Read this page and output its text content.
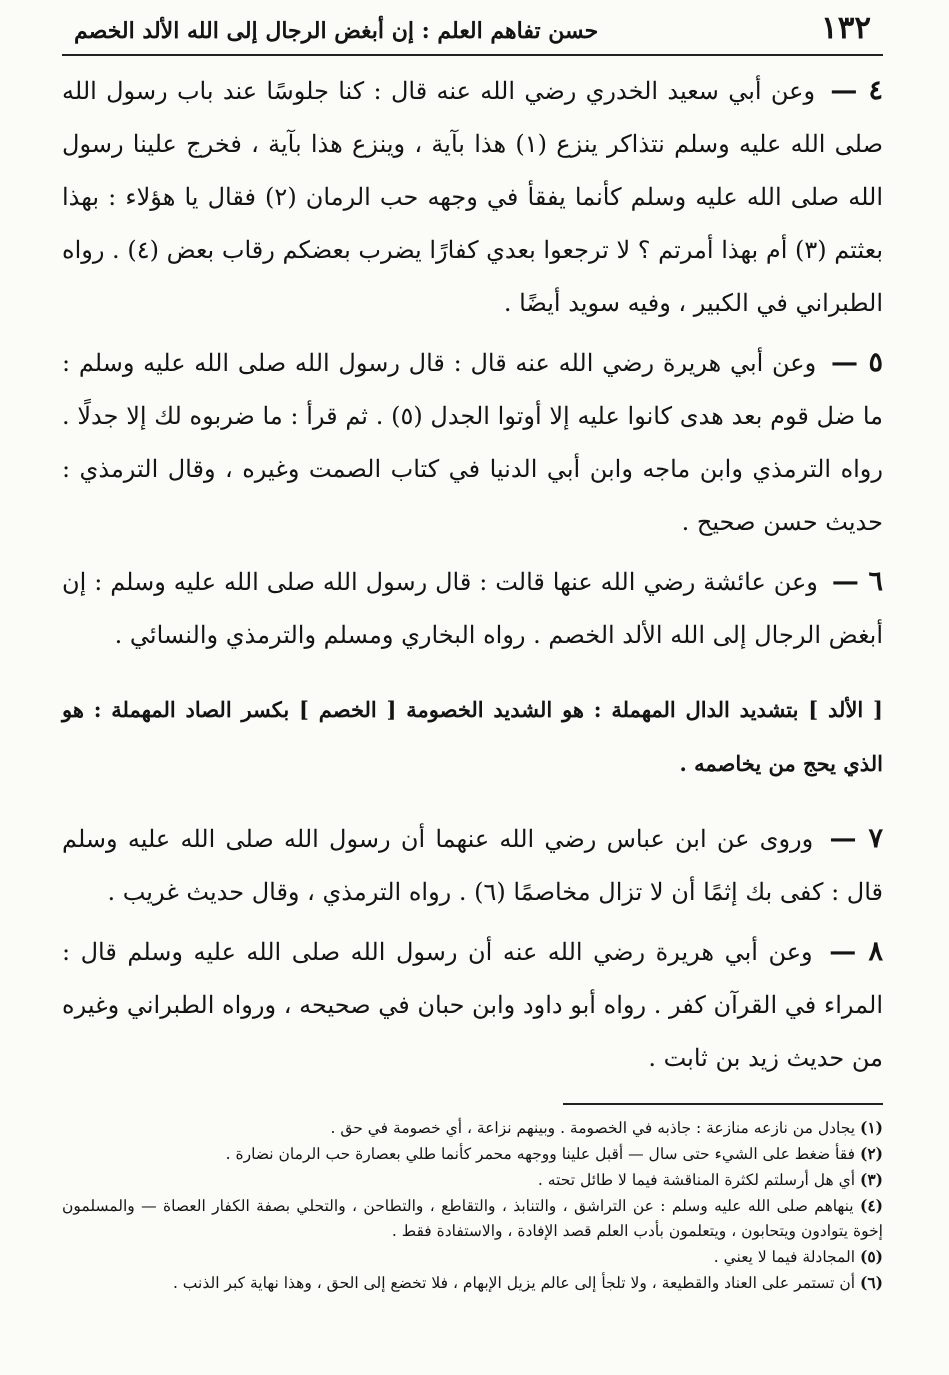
١٣٢
حسن تفاهم العلم : إن أبغض الرجال إلى الله الألد الخصم

٤ — وعن أبي سعيد الخدري رضي الله عنه قال : كنا جلوسًا عند باب رسول الله صلى الله عليه وسلم نتذاكر ينزع (١) هذا بآية ، وينزع هذا بآية ، فخرج علينا رسول الله صلى الله عليه وسلم كأنما يفقأ في وجهه حب الرمان (٢) فقال يا هؤلاء : بهذا بعثتم (٣) أم بهذا أمرتم ؟ لا ترجعوا بعدي كفارًا يضرب بعضكم رقاب بعض (٤) . رواه الطبراني في الكبير ، وفيه سويد أيضًا .

٥ — وعن أبي هريرة رضي الله عنه قال : قال رسول الله صلى الله عليه وسلم : ما ضل قوم بعد هدى كانوا عليه إلا أوتوا الجدل (٥) . ثم قرأ : ما ضربوه لك إلا جدلًا . رواه الترمذي وابن ماجه وابن أبي الدنيا في كتاب الصمت وغيره ، وقال الترمذي : حديث حسن صحيح .

٦ — وعن عائشة رضي الله عنها قالت : قال رسول الله صلى الله عليه وسلم : إن أبغض الرجال إلى الله الألد الخصم . رواه البخاري ومسلم والترمذي والنسائي .

[ الألد ] بتشديد الدال المهملة : هو الشديد الخصومة [ الخصم ] بكسر الصاد المهملة : هو الذي يحج من يخاصمه .

٧ — وروى عن ابن عباس رضي الله عنهما أن رسول الله صلى الله عليه وسلم قال : كفى بك إثمًا أن لا تزال مخاصمًا (٦) . رواه الترمذي ، وقال حديث غريب .

٨ — وعن أبي هريرة رضي الله عنه أن رسول الله صلى الله عليه وسلم قال : المراء في القرآن كفر . رواه أبو داود وابن حبان في صحيحه ، ورواه الطبراني وغيره من حديث زيد بن ثابت .

(١) يجادل من نازعه منازعة : جاذبه في الخصومة . وبينهم نزاعة ، أي خصومة في حق .

(٢) فقأ ضغط على الشيء حتى سال — أقبل علينا ووجهه محمر كأنما طلي بعصارة حب الرمان نضارة .

(٣) أي هل أرسلتم لكثرة المناقشة فيما لا طائل تحته .

(٤) ينهاهم صلى الله عليه وسلم : عن التراشق ، والتنابذ ، والتقاطع ، والتطاحن ، والتحلي بصفة الكفار العصاة — والمسلمون إخوة يتوادون ويتحابون ، ويتعلمون بأدب العلم قصد الإفادة ، والاستفادة فقط .

(٥) المجادلة فيما لا يعني .

(٦) أن تستمر على العناد والقطيعة ، ولا تلجأ إلى عالم يزيل الإبهام ، فلا تخضع إلى الحق ، وهذا نهاية كبر الذنب .
